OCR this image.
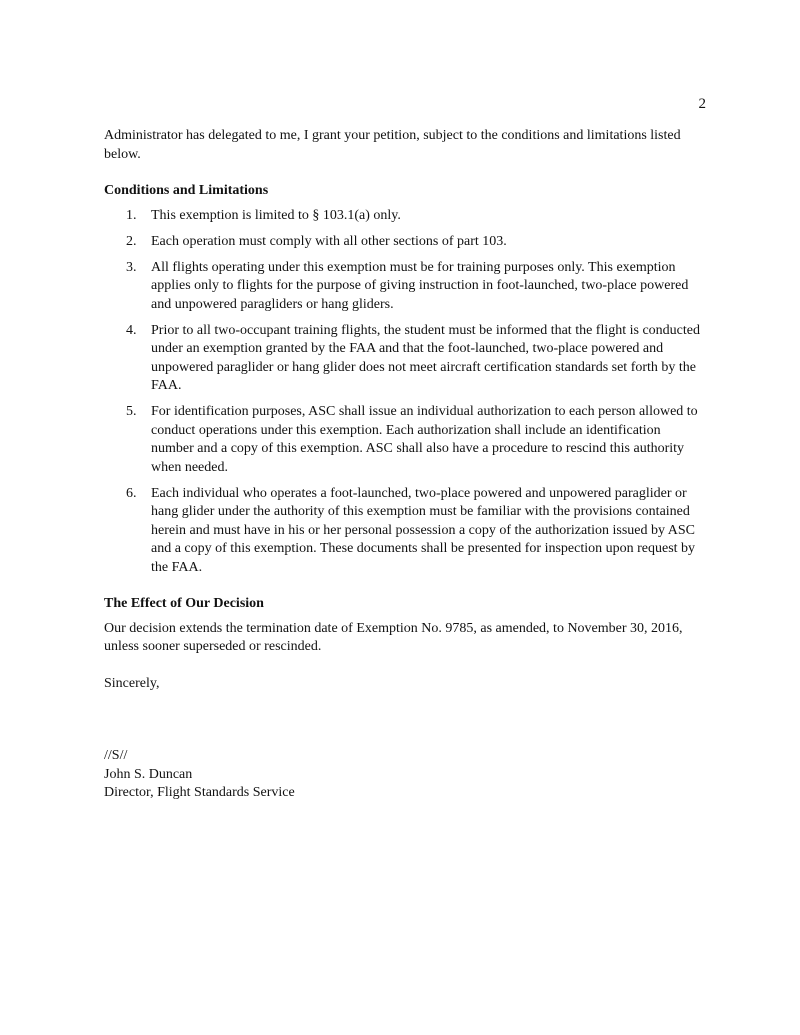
2

Administrator has delegated to me, I grant your petition, subject to the conditions and limitations listed below.

Conditions and Limitations
1. This exemption is limited to § 103.1(a) only.
2. Each operation must comply with all other sections of part 103.
3. All flights operating under this exemption must be for training purposes only. This exemption applies only to flights for the purpose of giving instruction in foot-launched, two-place powered and unpowered paragliders or hang gliders.
4. Prior to all two-occupant training flights, the student must be informed that the flight is conducted under an exemption granted by the FAA and that the foot-launched, two-place powered and unpowered paraglider or hang glider does not meet aircraft certification standards set forth by the FAA.
5. For identification purposes, ASC shall issue an individual authorization to each person allowed to conduct operations under this exemption. Each authorization shall include an identification number and a copy of this exemption. ASC shall also have a procedure to rescind this authority when needed.
6. Each individual who operates a foot-launched, two-place powered and unpowered paraglider or hang glider under the authority of this exemption must be familiar with the provisions contained herein and must have in his or her personal possession a copy of the authorization issued by ASC and a copy of this exemption. These documents shall be presented for inspection upon request by the FAA.
The Effect of Our Decision

Our decision extends the termination date of Exemption No. 9785, as amended, to November 30, 2016, unless sooner superseded or rescinded.

Sincerely,

//S//
John S. Duncan
Director, Flight Standards Service
